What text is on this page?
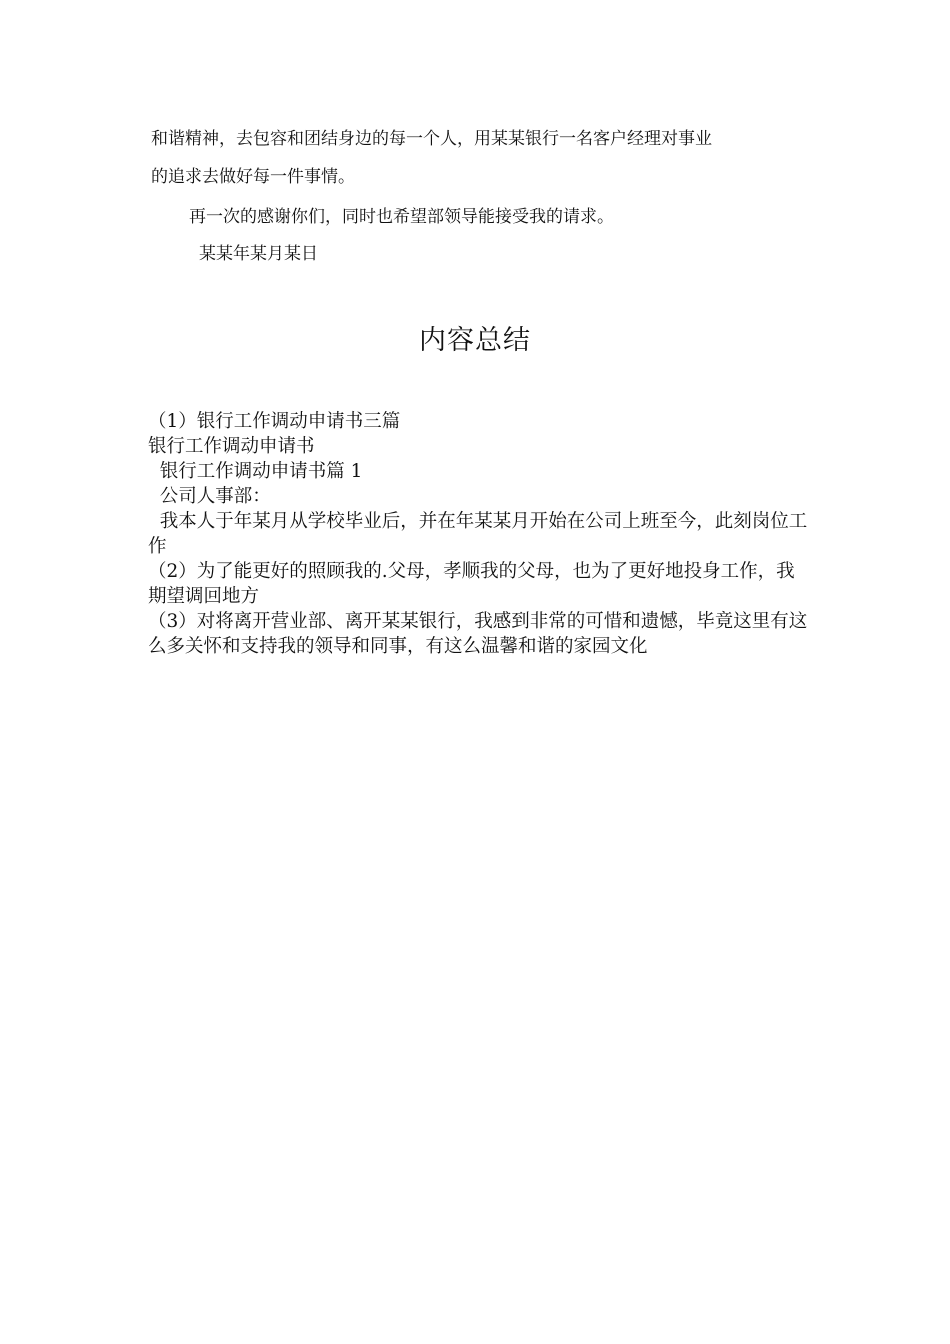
和谐精神，去包容和团结身边的每一个人，用某某银行一名客户经理对事业
的追求去做好每一件事情。
再一次的感谢你们，同时也希望部领导能接受我的请求。
某某年某月某日
内容总结

（1）银行工作调动申请书三篇

银行工作调动申请书

银行工作调动申请书篇 1

公司人事部：

我本人于年某月从学校毕业后，并在年某某月开始在公司上班至今，此刻岗位工作

（2）为了能更好的照顾我的.父母，孝顺我的父母，也为了更好地投身工作，我期望调回地方

（3）对将离开营业部、离开某某银行，我感到非常的可惜和遗憾，毕竟这里有这么多关怀和支持我的领导和同事，有这么温馨和谐的家园文化
